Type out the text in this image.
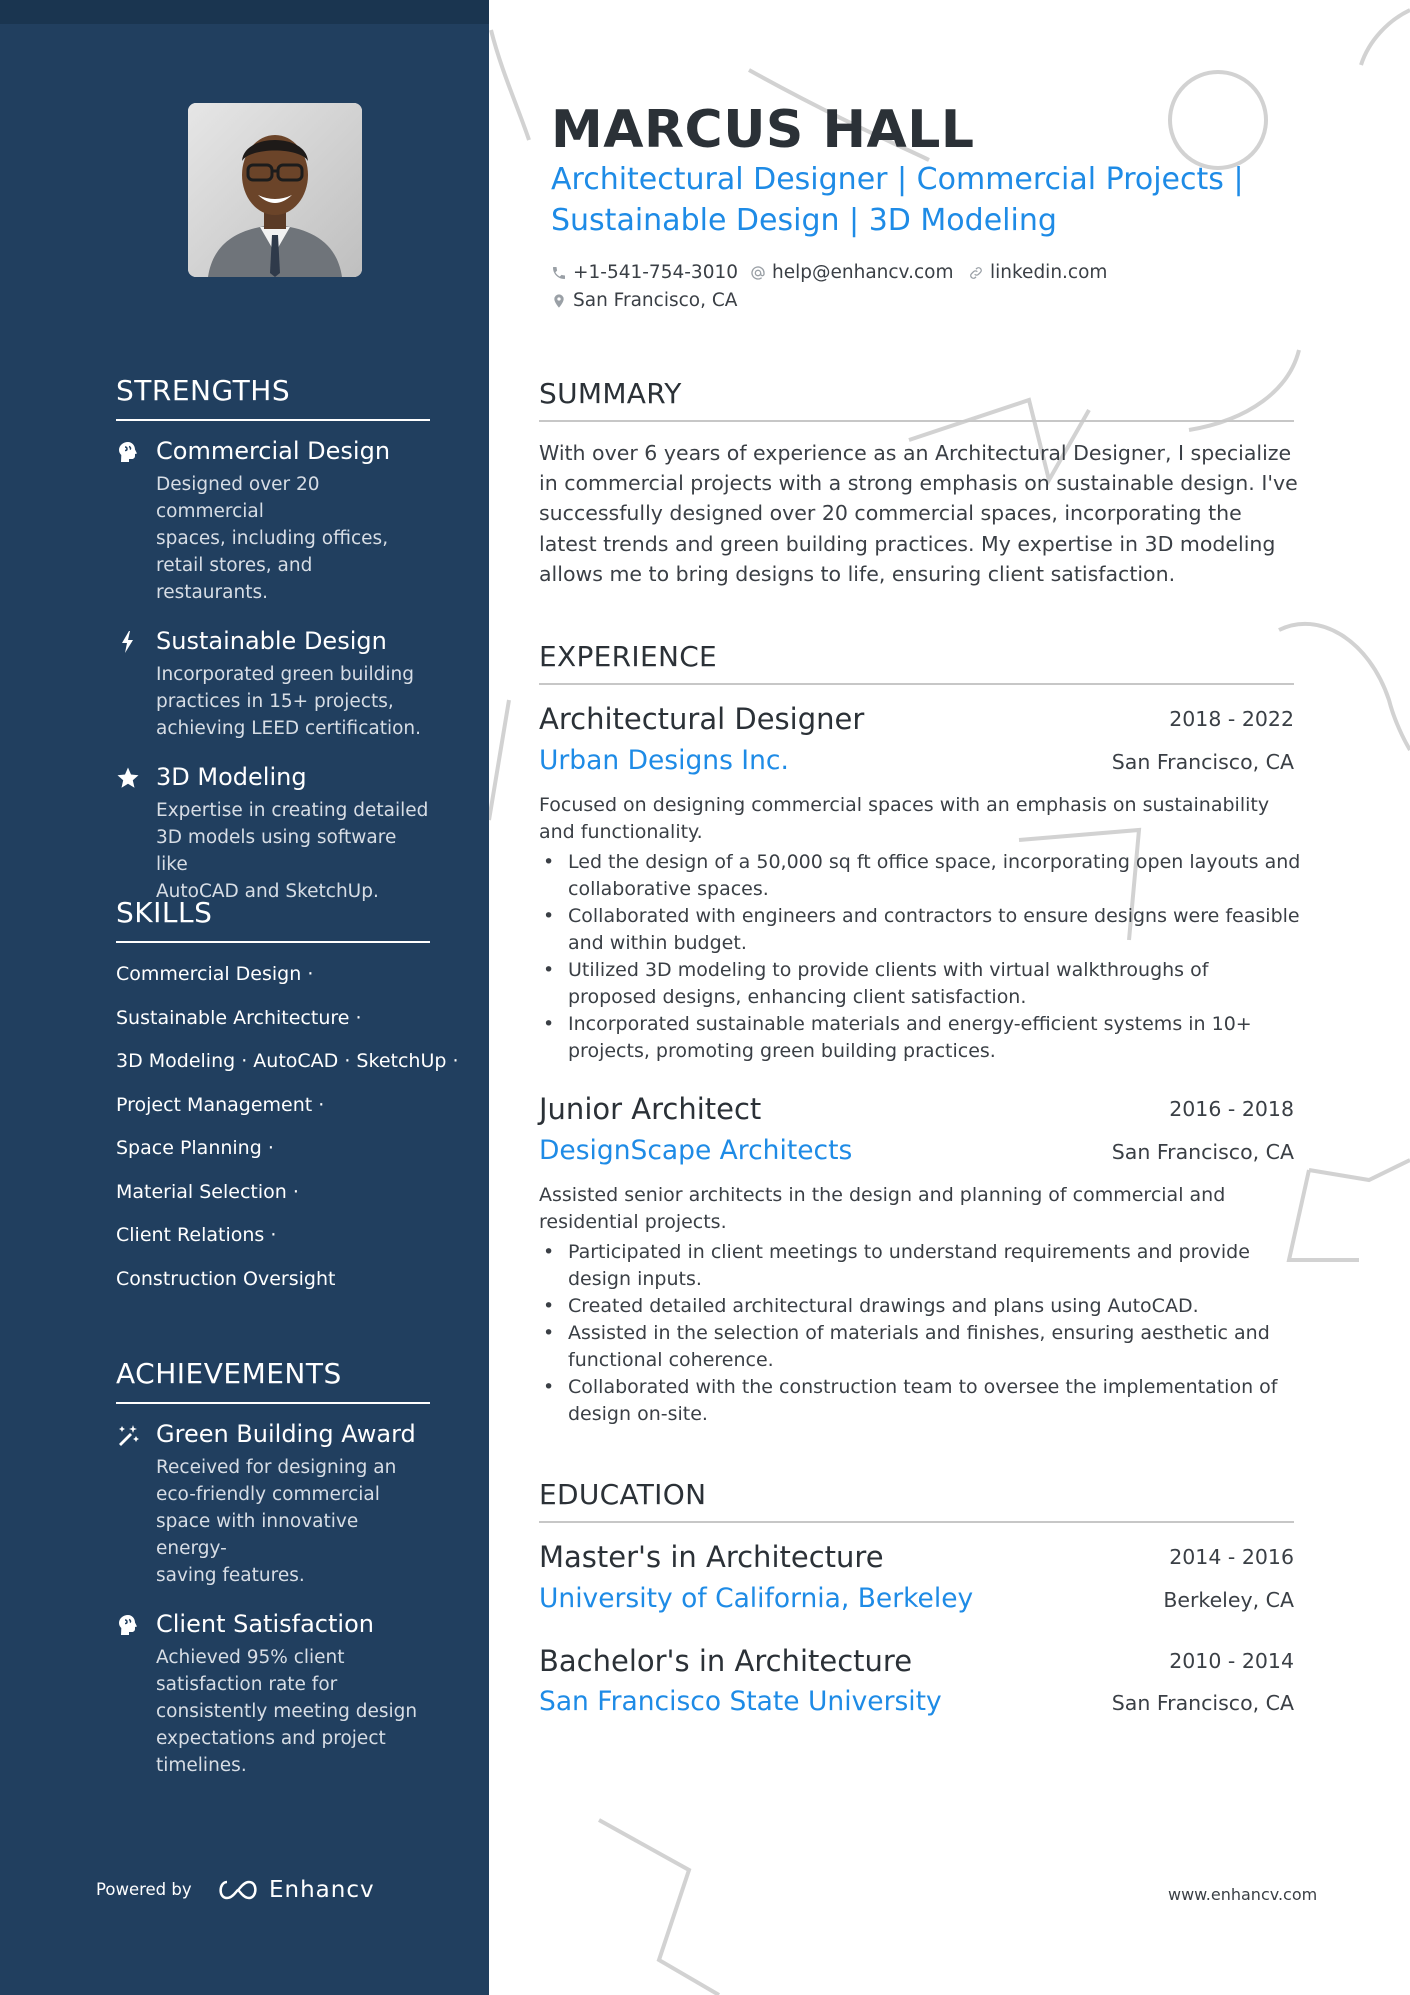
STRENGTHS
Commercial Design
Designed over 20 commercial
spaces, including offices,
retail stores, and restaurants.
Sustainable Design
Incorporated green building
practices in 15+ projects,
achieving LEED certification.
3D Modeling
Expertise in creating detailed
3D models using software like
AutoCAD and SketchUp.
SKILLS
Commercial Design ·
Sustainable Architecture ·
3D Modeling · AutoCAD · SketchUp ·
Project Management ·
Space Planning ·
Material Selection ·
Client Relations ·
Construction Oversight
ACHIEVEMENTS
Green Building Award
Received for designing an
eco-friendly commercial
space with innovative energy-
saving features.
Client Satisfaction
Achieved 95% client
satisfaction rate for
consistently meeting design
expectations and project
timelines.
Powered by	Enhancv
MARCUS HALL
Architectural Designer | Commercial Projects |
Sustainable Design | 3D Modeling
+1-541-754-3010 help@enhancv.com linkedin.com
San Francisco, CA
SUMMARY
With over 6 years of experience as an Architectural Designer, I specialize in commercial projects with a strong emphasis on sustainable design. I've successfully designed over 20 commercial spaces, incorporating the latest trends and green building practices. My expertise in 3D modeling allows me to bring designs to life, ensuring client satisfaction.
EXPERIENCE
Architectural Designer	2018 - 2022
Urban Designs Inc.	San Francisco, CA
Focused on designing commercial spaces with an emphasis on sustainability and functionality.
• Led the design of a 50,000 sq ft office space, incorporating open layouts and collaborative spaces.
• Collaborated with engineers and contractors to ensure designs were feasible and within budget.
• Utilized 3D modeling to provide clients with virtual walkthroughs of proposed designs, enhancing client satisfaction.
• Incorporated sustainable materials and energy-efficient systems in 10+ projects, promoting green building practices.
Junior Architect	2016 - 2018
DesignScape Architects	San Francisco, CA
Assisted senior architects in the design and planning of commercial and residential projects.
• Participated in client meetings to understand requirements and provide design inputs.
• Created detailed architectural drawings and plans using AutoCAD.
• Assisted in the selection of materials and finishes, ensuring aesthetic and functional coherence.
• Collaborated with the construction team to oversee the implementation of design on-site.
EDUCATION
Master's in Architecture	2014 - 2016
University of California, Berkeley	Berkeley, CA
Bachelor's in Architecture	2010 - 2014
San Francisco State University	San Francisco, CA
www.enhancv.com
